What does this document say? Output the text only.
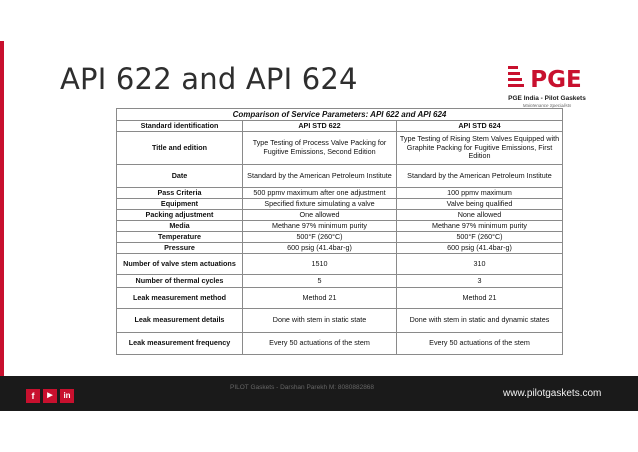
API 622 and API 624	PGE
PGE India - Pilot Gaskets
Maintenance Specialists
Comparison of Service Parameters: API 622 and API 624		
Standard identification	API STD 622	API STD 624
Title and edition	Type Testing of Process Valve Packing for Fugitive Emissions, Second Edition	Type Testing of Rising Stem Valves Equipped with Graphite Packing for Fugitive Emissions, First Edition
Date	Standard by the American Petroleum Institute	Standard by the American Petroleum Institute
Pass Criteria	500 ppmv maximum after one adjustment	100 ppmv maximum
Equipment	Specified fixture simulating a valve	Valve being qualified
Packing adjustment	One allowed	None allowed
Media	Methane 97% minimum purity	Methane 97% minimum purity
Temperature	500°F (260°C)	500°F (260°C)
Pressure	600 psig (41.4bar-g)	600 psig (41.4bar-g)
Number of valve stem actuations	1510	310
Number of thermal cycles	5	3
Leak measurement method	Method 21	Method 21
Leak measurement details	Done with stem in static state	Done with stem in static and dynamic states
Leak measurement frequency	Every 50 actuations of the stem	Every 50 actuations of the stem
f	▶	in
PILOT Gaskets - Darshan Parekh M: 8080882868
www.pilotgaskets.com
